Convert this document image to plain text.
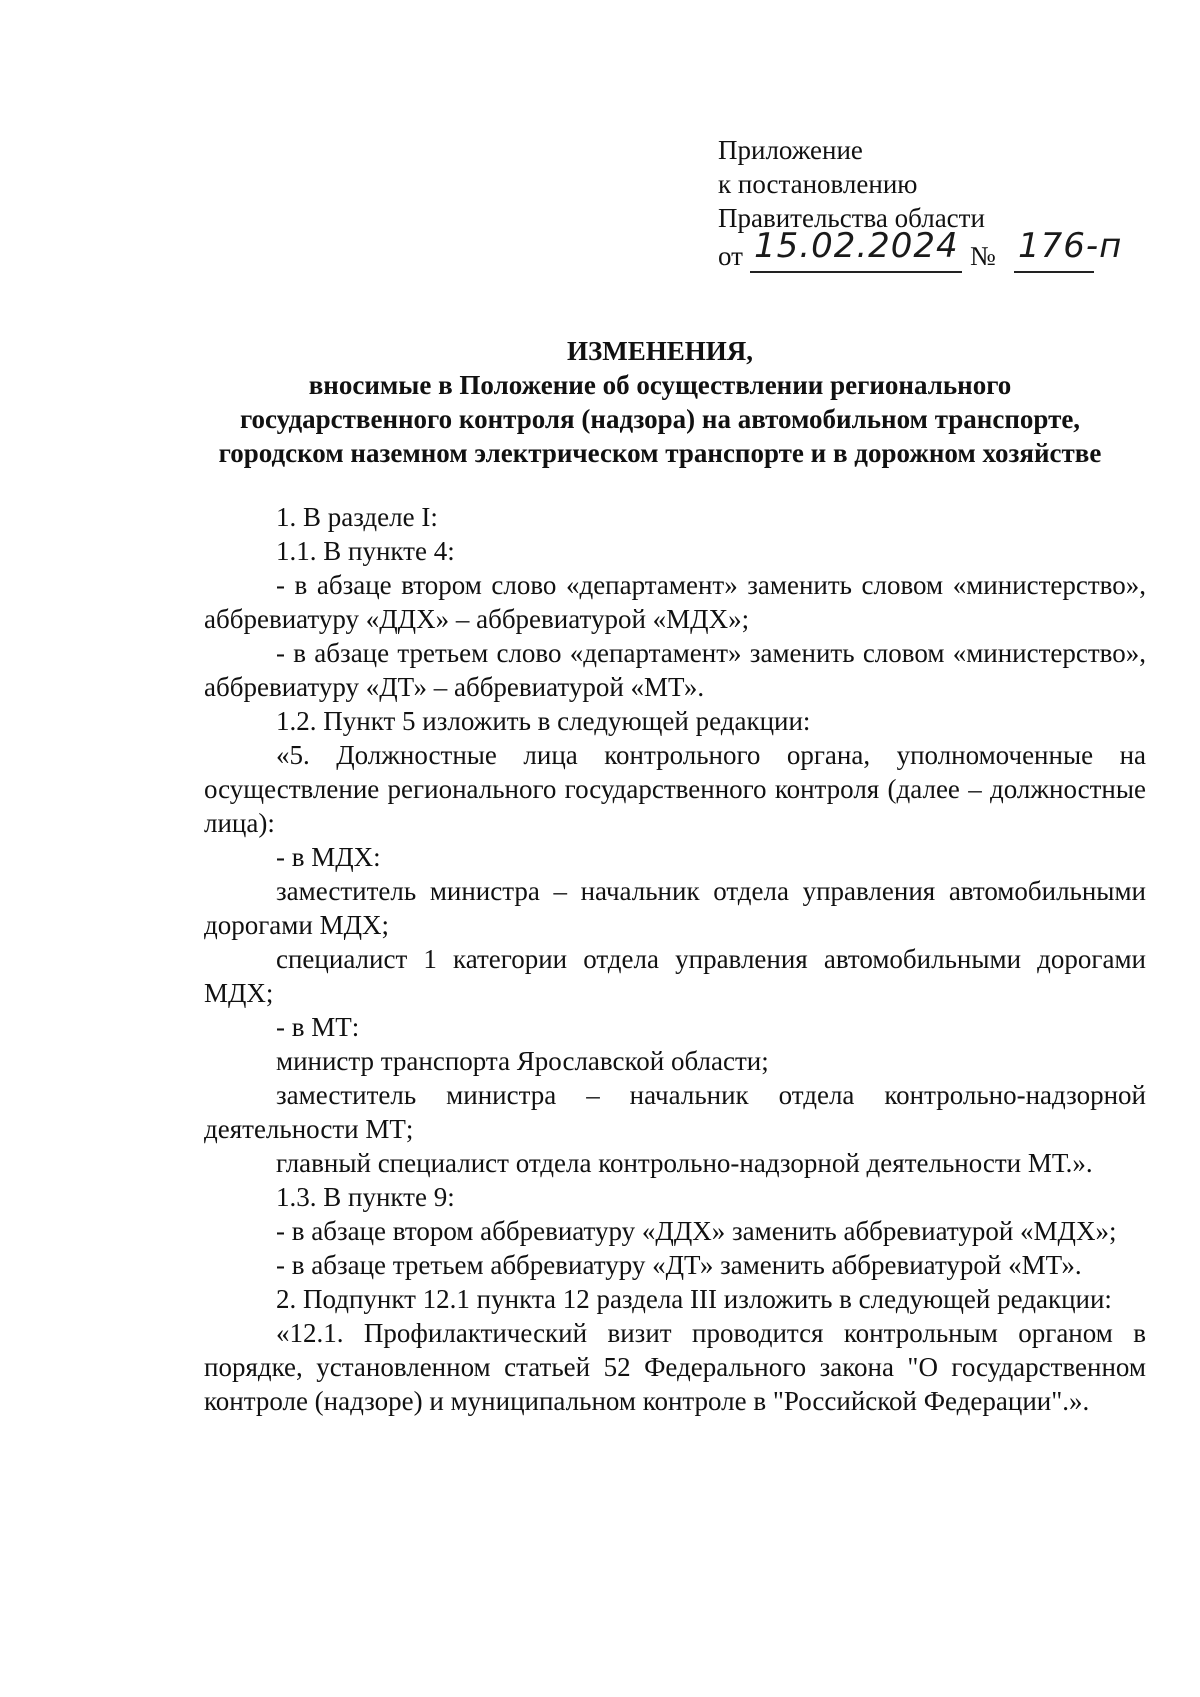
Приложение
к постановлению
Правительства области
от 15.02.2024 № 176-п
ИЗМЕНЕНИЯ,
вносимые в Положение об осуществлении регионального
государственного контроля (надзора) на автомобильном транспорте,
городском наземном электрическом транспорте и в дорожном хозяйстве
1. В разделе I:
1.1. В пункте 4:
- в абзаце втором слово «департамент» заменить словом «министерство», аббревиатуру «ДДХ» – аббревиатурой «МДХ»;
- в абзаце третьем слово «департамент» заменить словом «министерство», аббревиатуру «ДТ» – аббревиатурой «МТ».
1.2. Пункт 5 изложить в следующей редакции:
«5. Должностные лица контрольного органа, уполномоченные на осуществление регионального государственного контроля (далее – должностные лица):
- в МДХ:
заместитель министра – начальник отдела управления автомобильными дорогами МДХ;
специалист 1 категории отдела управления автомобильными дорогами МДХ;
- в МТ:
министр транспорта Ярославской области;
заместитель министра – начальник отдела контрольно-надзорной деятельности МТ;
главный специалист отдела контрольно-надзорной деятельности МТ.».
1.3. В пункте 9:
- в абзаце втором аббревиатуру «ДДХ» заменить аббревиатурой «МДХ»;
- в абзаце третьем аббревиатуру «ДТ» заменить аббревиатурой «МТ».
2. Подпункт 12.1 пункта 12 раздела III изложить в следующей редакции:
«12.1. Профилактический визит проводится контрольным органом в порядке, установленном статьей 52 Федерального закона "О государственном контроле (надзоре) и муниципальном контроле в "Российской Федерации".».
